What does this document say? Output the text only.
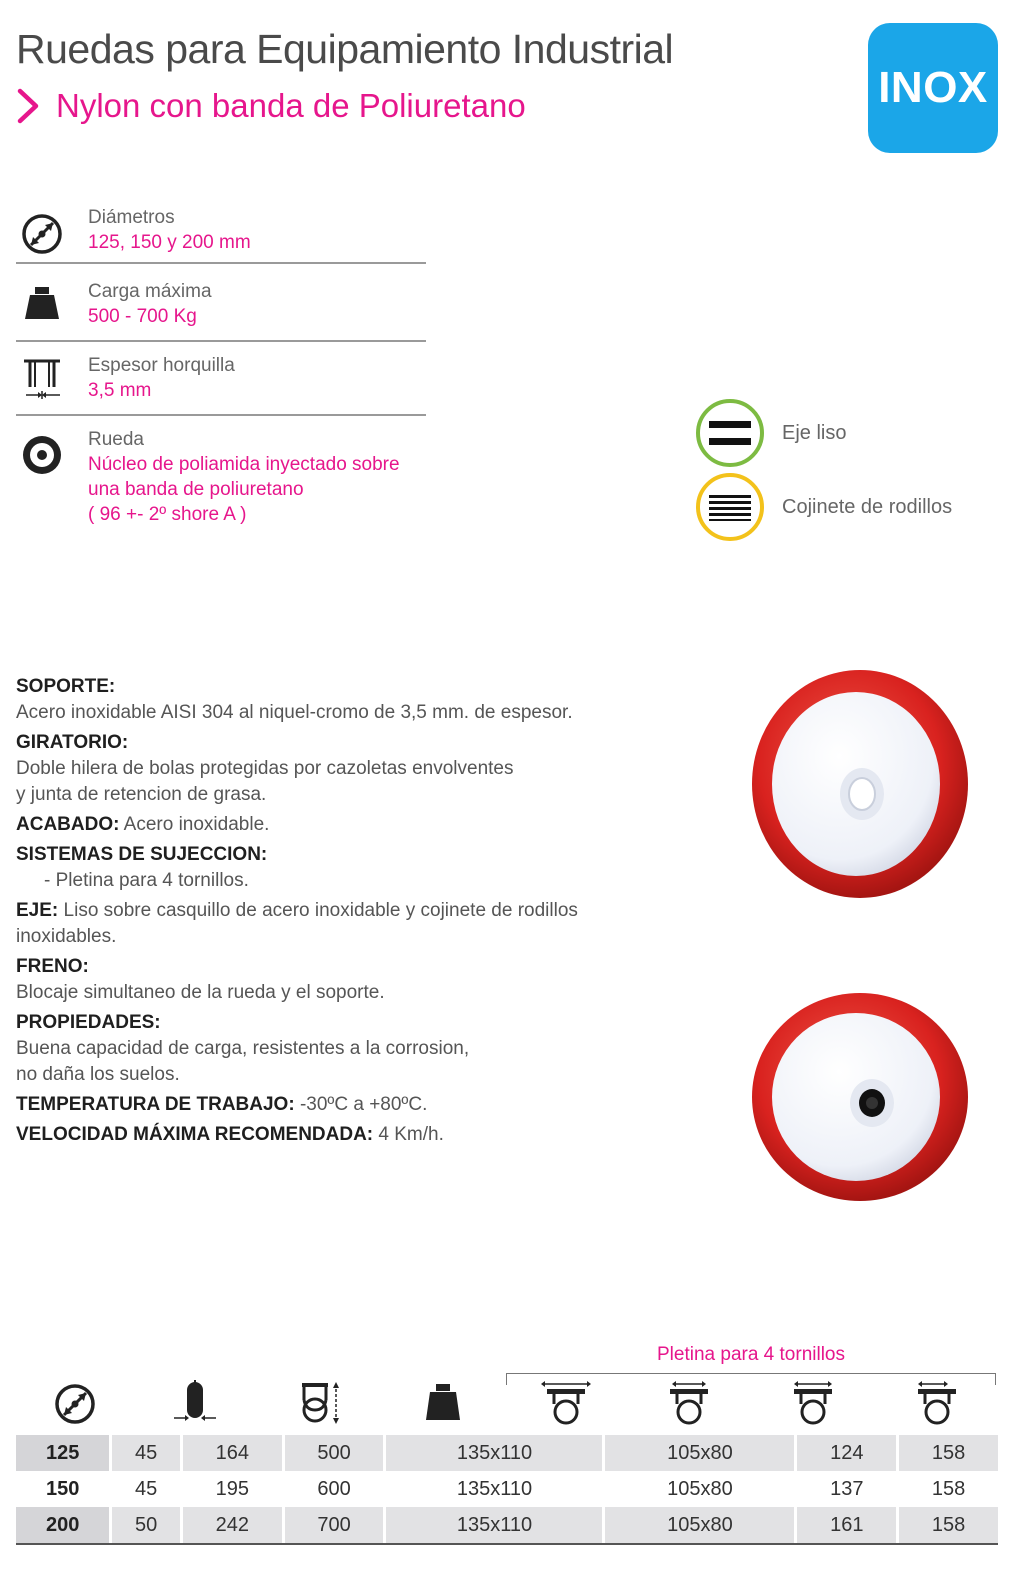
Ruedas para Equipamiento Industrial
Nylon con banda de Poliuretano	INOX
Diámetros
125, 150 y 200 mm
Carga máxima
500 - 700 Kg
Espesor horquilla
3,5 mm
Rueda
Núcleo de poliamida inyectado sobre
una banda de poliuretano
( 96 +- 2º shore A )
Eje liso
Cojinete de rodillos
SOPORTE:
Acero inoxidable AISI 304 al niquel-cromo de 3,5 mm. de espesor.
GIRATORIO:
Doble hilera de bolas protegidas por cazoletas envolventes
y junta de retencion de grasa.
ACABADO: Acero inoxidable.
SISTEMAS DE SUJECCION:
- Pletina para 4 tornillos.
EJE: Liso sobre casquillo de acero inoxidable y cojinete de rodillos
inoxidables.
FRENO:
Blocaje simultaneo de la rueda y el soporte.
PROPIEDADES:
Buena capacidad de carga, resistentes a la corrosion,
no daña los suelos.
TEMPERATURA DE TRABAJO: -30ºC a +80ºC.
VELOCIDAD MÁXIMA RECOMENDADA: 4 Km/h.
Pletina para 4 tornillos
125	45	164	500	135x110	105x80	124	158
150	45	195	600	135x110	105x80	137	158
200	50	242	700	135x110	105x80	161	158
